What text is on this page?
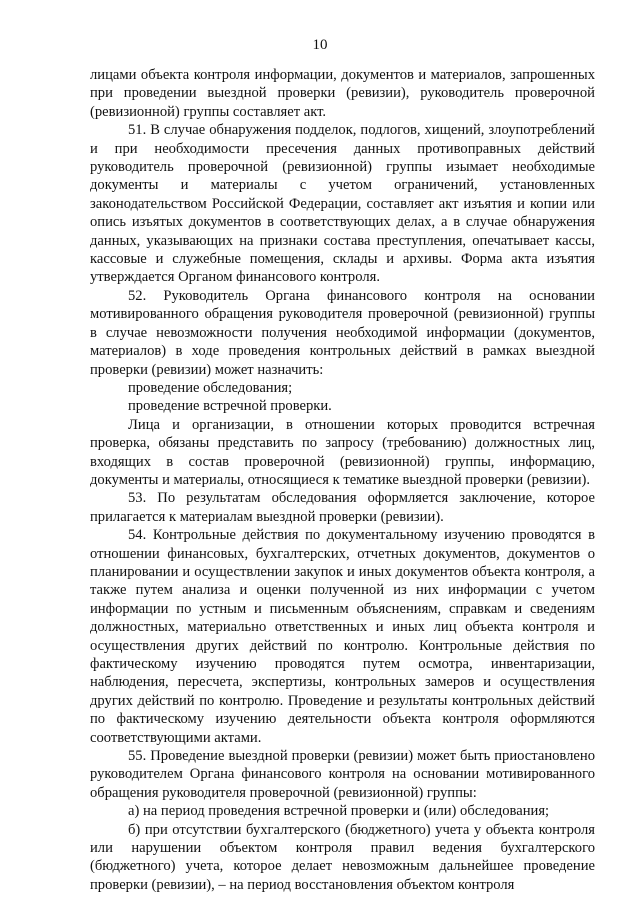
10

лицами объекта контроля информации, документов и материалов, запрошенных при проведении выездной проверки (ревизии), руководитель проверочной (ревизионной) группы составляет акт.

51. В случае обнаружения подделок, подлогов, хищений, злоупотреблений и при необходимости пресечения данных противоправных действий руководитель проверочной (ревизионной) группы изымает необходимые документы и материалы с учетом ограничений, установленных законодательством Российской Федерации, составляет акт изъятия и копии или опись изъятых документов в соответствующих делах, а в случае обнаружения данных, указывающих на признаки состава преступления, опечатывает кассы, кассовые и служебные помещения, склады и архивы. Форма акта изъятия утверждается Органом финансового контроля.

52. Руководитель Органа финансового контроля на основании мотивированного обращения руководителя проверочной (ревизионной) группы в случае невозможности получения необходимой информации (документов, материалов) в ходе проведения контрольных действий в рамках выездной проверки (ревизии) может назначить:

проведение обследования;

проведение встречной проверки.

Лица и организации, в отношении которых проводится встречная проверка, обязаны представить по запросу (требованию) должностных лиц, входящих в состав проверочной (ревизионной) группы, информацию, документы и материалы, относящиеся к тематике выездной проверки (ревизии).

53. По результатам обследования оформляется заключение, которое прилагается к материалам выездной проверки (ревизии).

54. Контрольные действия по документальному изучению проводятся в отношении финансовых, бухгалтерских, отчетных документов, документов о планировании и осуществлении закупок и иных документов объекта контроля, а также путем анализа и оценки полученной из них информации с учетом информации по устным и письменным объяснениям, справкам и сведениям должностных, материально ответственных и иных лиц объекта контроля и осуществления других действий по контролю. Контрольные действия по фактическому изучению проводятся путем осмотра, инвентаризации, наблюдения, пересчета, экспертизы, контрольных замеров и осуществления других действий по контролю. Проведение и результаты контрольных действий по фактическому изучению деятельности объекта контроля оформляются соответствующими актами.

55. Проведение выездной проверки (ревизии) может быть приостановлено руководителем Органа финансового контроля на основании мотивированного обращения руководителя проверочной (ревизионной) группы:

а) на период проведения встречной проверки и (или) обследования;

б) при отсутствии бухгалтерского (бюджетного) учета у объекта контроля или нарушении объектом контроля правил ведения бухгалтерского (бюджетного) учета, которое делает невозможным дальнейшее проведение проверки (ревизии), – на период восстановления объектом контроля
